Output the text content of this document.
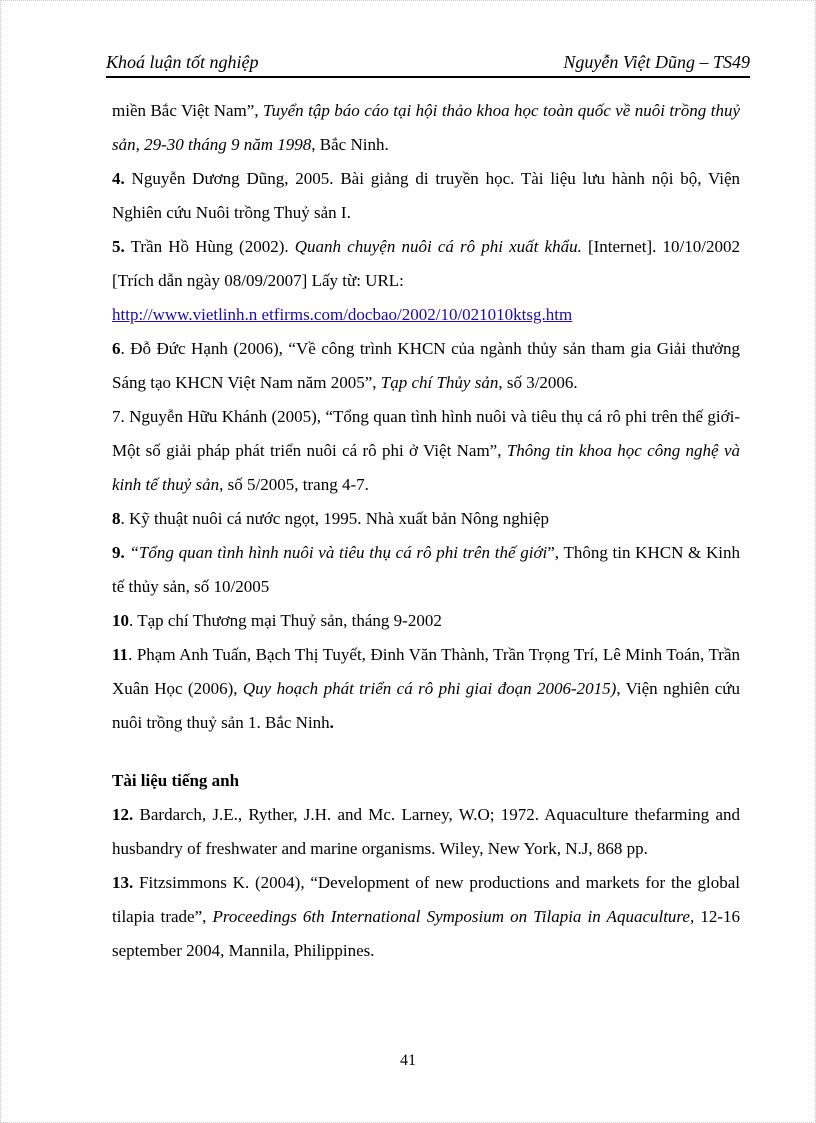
Khoá luận tốt nghiệp	Nguyễn Việt Dũng – TS49

miền Bắc Việt Nam”, Tuyển tập báo cáo tại hội thảo khoa học toàn quốc về nuôi trồng thuỷ sản, 29-30 tháng 9 năm 1998, Bắc Ninh.

4. Nguyễn Dương Dũng, 2005. Bài giảng di truyền học. Tài liệu lưu hành nội bộ, Viện Nghiên cứu Nuôi trồng Thuỷ sản I.

5. Trần Hồ Hùng (2002). Quanh chuyện nuôi cá rô phi xuất khẩu. [Internet]. 10/10/2002 [Trích dẫn ngày 08/09/2007] Lấy từ: URL:
http://www.vietlinh.n etfirms.com/docbao/2002/10/021010ktsg.htm

6. Đỗ Đức Hạnh (2006), “Về công trình KHCN của ngành thủy sản tham gia Giải thưởng Sáng tạo KHCN Việt Nam năm 2005”, Tạp chí Thủy sản, số 3/2006.

7. Nguyễn Hữu Khánh (2005), “Tổng quan tình hình nuôi và tiêu thụ cá rô phi trên thế giới- Một số giải pháp phát triển nuôi cá rô phi ở Việt Nam”, Thông tin khoa học công nghệ và kinh tế thuỷ sản, số 5/2005, trang 4-7.

8. Kỹ thuật nuôi cá nước ngọt, 1995. Nhà xuất bản Nông nghiệp

9. “Tổng quan tình hình nuôi và tiêu thụ cá rô phi trên thế giới”, Thông tin KHCN & Kinh tế thủy sản, số 10/2005

10. Tạp chí Thương mại Thuỷ sản, tháng 9-2002

11. Phạm Anh Tuấn, Bạch Thị Tuyết, Đinh Văn Thành, Trần Trọng Trí, Lê Minh Toán, Trần Xuân Học (2006), Quy hoạch phát triển cá rô phi giai đoạn 2006-2015), Viện nghiên cứu nuôi trồng thuỷ sản 1. Bắc Ninh.

Tài liệu tiếng anh

12. Bardarch, J.E., Ryther, J.H. and Mc. Larney, W.O; 1972. Aquaculture thefarming and husbandry of freshwater and marine organisms. Wiley, New York, N.J, 868 pp.

13. Fitzsimmons K. (2004), “Development of new productions and markets for the global tilapia trade”, Proceedings 6th International Symposium on Tilapia in Aquaculture, 12-16 september 2004, Mannila, Philippines.

41
